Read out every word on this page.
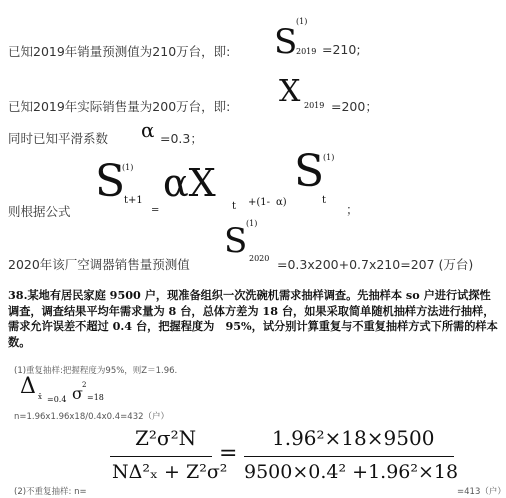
已知2019年销量预测值为210万台，即: S
(1)
2019 =210;
已知2019年实际销售量为200万台，即: X 2019 =200；
同时已知平滑系数 α =0.3；
则根据公式
S
(1)
t+1
=
αX
t +(1- α)
S
(1)
t
；
2020年该厂空调器销售量预测值
S
(1)
2020 =0.3x200+0.7x210=207 (万台)
38.某地有居民家庭 9500 户，现准备组织一次洗碗机需求抽样调查。先抽样本 so 户进行试探性调查，调查结果平均年需求量为 8 台，总体方差为 18 台，如果采取简单随机抽样方法进行抽样，需求允许误差不超过 0.4 台，把握程度为　95%，试分别计算重复与不重复抽样方式下所需的样本数。
(1)重复抽样:把握程度为95%，则Z＝1.96.
Δ x̄ =0.4 σ 2
=18
n=1.96x1.96x18/0.4x0.4=432（户）
Z²σ²N
NΔ²ₓ + Z²σ²
=
1.96²×18×9500
9500×0.4² +1.96²×18
=413（户）
(2)不重复抽样: n=
